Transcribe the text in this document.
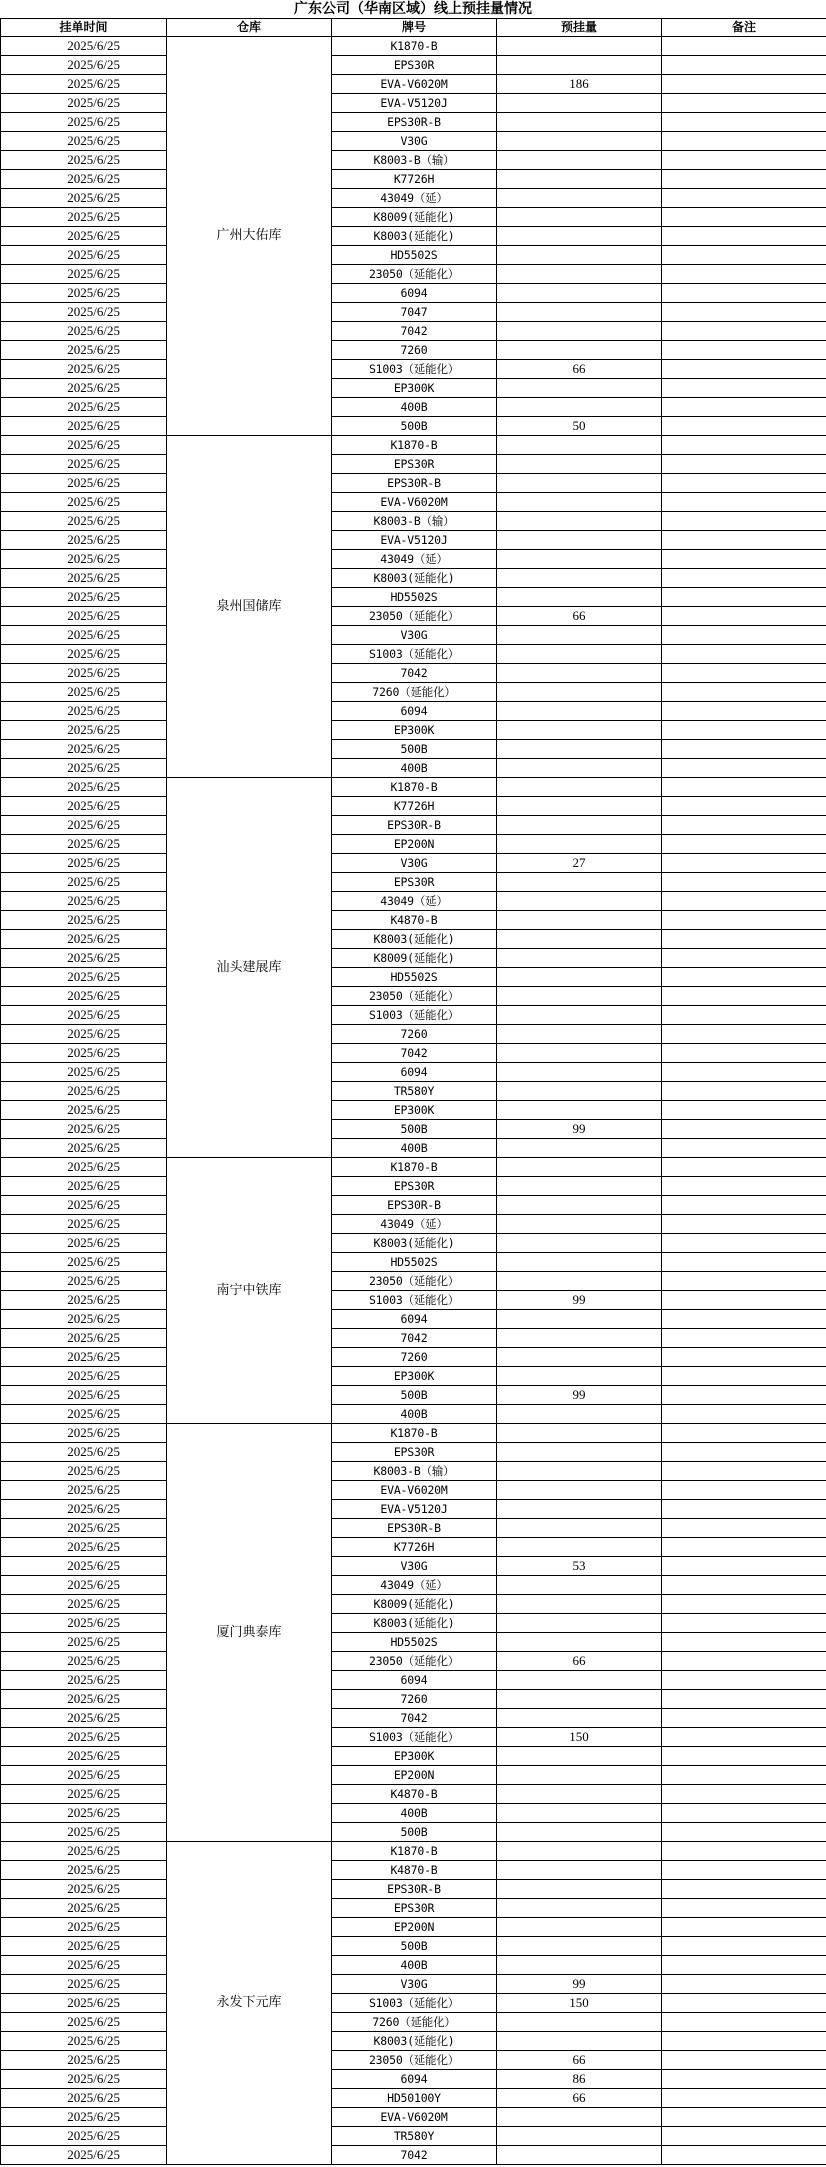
广东公司（华南区域）线上预挂量情况
挂单时间	仓库	牌号	预挂量	备注
2025/6/25	广州大佑库	K1870-B		
2025/6/25		EPS30R		
2025/6/25		EVA-V6020M	186	
2025/6/25		EVA-V5120J		
2025/6/25		EPS30R-B		
2025/6/25		V30G		
2025/6/25		K8003-B（输）		
2025/6/25		K7726H		
2025/6/25		43049（延）		
2025/6/25		K8009(延能化)		
2025/6/25		K8003(延能化)		
2025/6/25		HD5502S		
2025/6/25		23050（延能化）		
2025/6/25		6094		
2025/6/25		7047		
2025/6/25		7042		
2025/6/25		7260		
2025/6/25		S1003（延能化）	66	
2025/6/25		EP300K		
2025/6/25		400B		
2025/6/25		500B	50	
2025/6/25	泉州国储库	K1870-B		
2025/6/25		EPS30R		
2025/6/25		EPS30R-B		
2025/6/25		EVA-V6020M		
2025/6/25		K8003-B（输）		
2025/6/25		EVA-V5120J		
2025/6/25		43049（延）		
2025/6/25		K8003(延能化)		
2025/6/25		HD5502S		
2025/6/25		23050（延能化）	66	
2025/6/25		V30G		
2025/6/25		S1003（延能化）		
2025/6/25		7042		
2025/6/25		7260（延能化）		
2025/6/25		6094		
2025/6/25		EP300K		
2025/6/25		500B		
2025/6/25		400B		
2025/6/25	汕头建展库	K1870-B		
2025/6/25		K7726H		
2025/6/25		EPS30R-B		
2025/6/25		EP200N		
2025/6/25		V30G	27	
2025/6/25		EPS30R		
2025/6/25		43049（延）		
2025/6/25		K4870-B		
2025/6/25		K8003(延能化)		
2025/6/25		K8009(延能化)		
2025/6/25		HD5502S		
2025/6/25		23050（延能化）		
2025/6/25		S1003（延能化）		
2025/6/25		7260		
2025/6/25		7042		
2025/6/25		6094		
2025/6/25		TR580Y		
2025/6/25		EP300K		
2025/6/25		500B	99	
2025/6/25		400B		
2025/6/25	南宁中铁库	K1870-B		
2025/6/25		EPS30R		
2025/6/25		EPS30R-B		
2025/6/25		43049（延）		
2025/6/25		K8003(延能化)		
2025/6/25		HD5502S		
2025/6/25		23050（延能化）		
2025/6/25		S1003（延能化）	99	
2025/6/25		6094		
2025/6/25		7042		
2025/6/25		7260		
2025/6/25		EP300K		
2025/6/25		500B	99	
2025/6/25		400B		
2025/6/25	厦门典泰库	K1870-B		
2025/6/25		EPS30R		
2025/6/25		K8003-B（输）		
2025/6/25		EVA-V6020M		
2025/6/25		EVA-V5120J		
2025/6/25		EPS30R-B		
2025/6/25		K7726H		
2025/6/25		V30G	53	
2025/6/25		43049（延）		
2025/6/25		K8009(延能化)		
2025/6/25		K8003(延能化)		
2025/6/25		HD5502S		
2025/6/25		23050（延能化）	66	
2025/6/25		6094		
2025/6/25		7260		
2025/6/25		7042		
2025/6/25		S1003（延能化）	150	
2025/6/25		EP300K		
2025/6/25		EP200N		
2025/6/25		K4870-B		
2025/6/25		400B		
2025/6/25		500B		
2025/6/25	永发下元库	K1870-B		
2025/6/25		K4870-B		
2025/6/25		EPS30R-B		
2025/6/25		EPS30R		
2025/6/25		EP200N		
2025/6/25		500B		
2025/6/25		400B		
2025/6/25		V30G	99	
2025/6/25		S1003（延能化）	150	
2025/6/25		7260（延能化）		
2025/6/25		K8003(延能化)		
2025/6/25		23050（延能化）	66	
2025/6/25		6094	86	
2025/6/25		HD50100Y	66	
2025/6/25		EVA-V6020M		
2025/6/25		TR580Y		
2025/6/25		7042		
